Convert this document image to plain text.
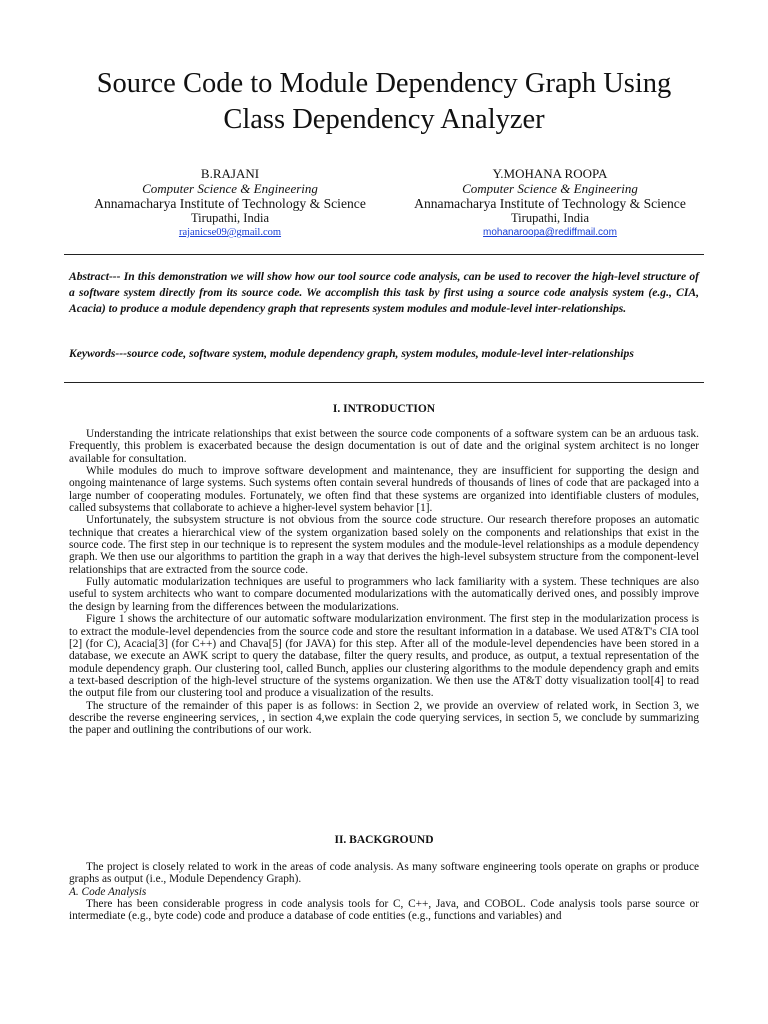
Source Code to Module Dependency Graph Using
Class Dependency Analyzer
B.RAJANI
Computer Science & Engineering
Annamacharya Institute of Technology & Science
Tirupathi, India
rajanicse09@gmail.com
Y.MOHANA ROOPA
Computer Science & Engineering
Annamacharya Institute of Technology & Science
Tirupathi, India
mohanaroopa@rediffmail.com

Abstract--- In this demonstration we will show how our tool source code analysis, can be used to recover the high-level structure of a software system directly from its source code. We accomplish this task by first using a source code analysis system (e.g., CIA, Acacia) to produce a module dependency graph that represents system modules and module-level inter-relationships.

Keywords---source code, software system, module dependency graph, system modules, module-level inter-relationships

I. INTRODUCTION

Understanding the intricate relationships that exist between the source code components of a software system can be an arduous task. Frequently, this problem is exacerbated because the design documentation is out of date and the original system architect is no longer available for consultation.

While modules do much to improve software development and maintenance, they are insufficient for supporting the design and ongoing maintenance of large systems. Such systems often contain several hundreds of thousands of lines of code that are packaged into a large number of cooperating modules. Fortunately, we often find that these systems are organized into identifiable clusters of modules, called subsystems that collaborate to achieve a higher-level system behavior [1].

Unfortunately, the subsystem structure is not obvious from the source code structure. Our research therefore proposes an automatic technique that creates a hierarchical view of the system organization based solely on the components and relationships that exist in the source code. The first step in our technique is to represent the system modules and the module-level relationships as a module dependency graph. We then use our algorithms to partition the graph in a way that derives the high-level subsystem structure from the component-level relationships that are extracted from the source code.

Fully automatic modularization techniques are useful to programmers who lack familiarity with a system. These techniques are also useful to system architects who want to compare documented modularizations with the automatically derived ones, and possibly improve the design by learning from the differences between the modularizations.

Figure 1 shows the architecture of our automatic software modularization environment. The first step in the modularization process is to extract the module-level dependencies from the source code and store the resultant information in a database. We used AT&T's CIA tool [2] (for C), Acacia[3] (for C++) and Chava[5] (for JAVA) for this step. After all of the module-level dependencies have been stored in a database, we execute an AWK script to query the database, filter the query results, and produce, as output, a textual representation of the module dependency graph. Our clustering tool, called Bunch, applies our clustering algorithms to the module dependency graph and emits a text-based description of the high-level structure of the systems organization. We then use the AT&T dotty visualization tool[4] to read the output file from our clustering tool and produce a visualization of the results.

The structure of the remainder of this paper is as follows: in Section 2, we provide an overview of related work, in Section 3, we describe the reverse engineering services, , in section 4,we explain the code querying services, in section 5, we conclude by summarizing the paper and outlining the contributions of our work.

II. BACKGROUND

The project is closely related to work in the areas of code analysis. As many software engineering tools operate on graphs or produce graphs as output (i.e., Module Dependency Graph).

A. Code Analysis

There has been considerable progress in code analysis tools for C, C++, Java, and COBOL. Code analysis tools parse source or intermediate (e.g., byte code) code and produce a database of code entities (e.g., functions and variables) and
